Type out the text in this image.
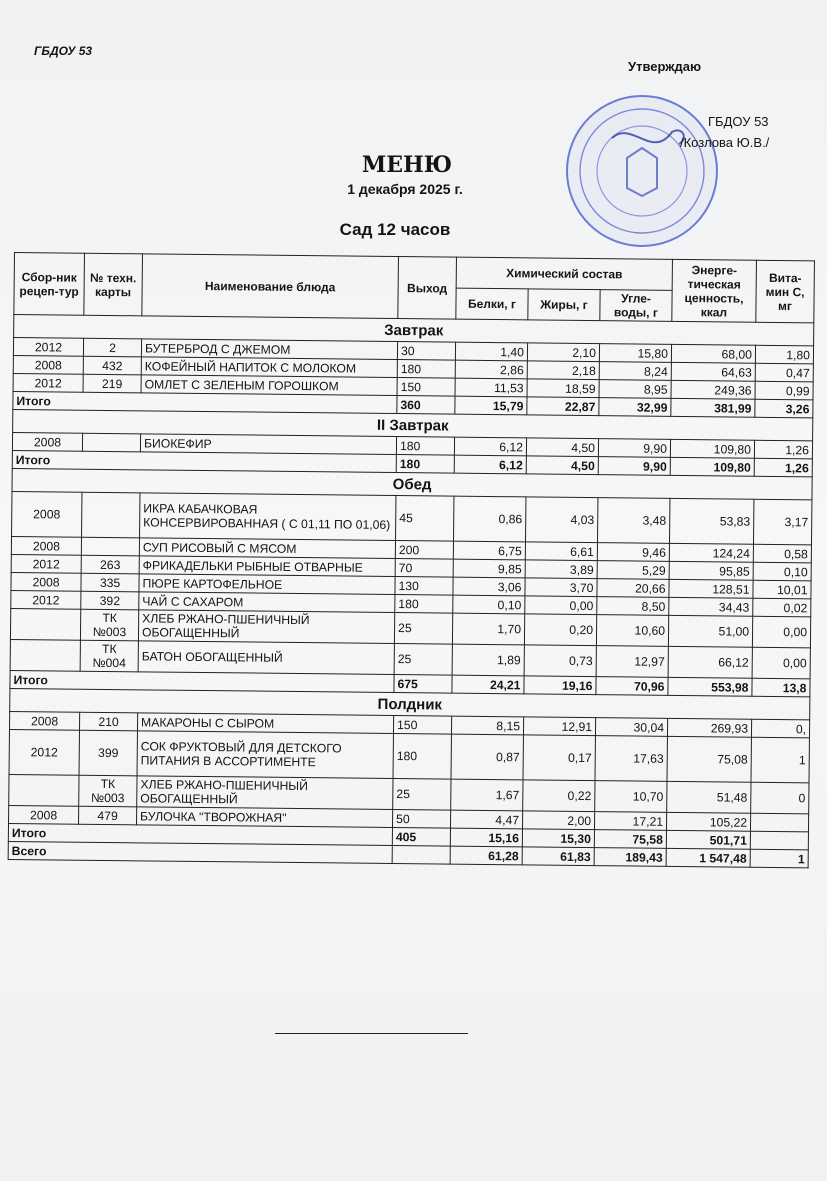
ГБДОУ 53
Утверждаю
ГБДОУ 53
/Козлова Ю.В./
МЕНЮ
1 декабря 2025 г.
Сад 12 часов
Сбор-ник рецеп-тур	№ техн. карты	Наименование блюда	Выход	Химический состав			Энерге-тическая ценность, ккал	Вита-мин С, мг
				Белки, г	Жиры, г	Угле-воды, г		
Завтрак								
2012	2	БУТЕРБРОД С ДЖЕМОМ	30	1,40	2,10	15,80	68,00	1,80
2008	432	КОФЕЙНЫЙ НАПИТОК С МОЛОКОМ	180	2,86	2,18	8,24	64,63	0,47
2012	219	ОМЛЕТ С ЗЕЛЕНЫМ ГОРОШКОМ	150	11,53	18,59	8,95	249,36	0,99
Итого			360	15,79	22,87	32,99	381,99	3,26
II Завтрак								
2008		БИОКЕФИР	180	6,12	4,50	9,90	109,80	1,26
Итого			180	6,12	4,50	9,90	109,80	1,26
Обед								
2008		ИКРА КАБАЧКОВАЯ КОНСЕРВИРОВАННАЯ ( С 01,11 ПО 01,06)	45	0,86	4,03	3,48	53,83	3,17
2008		СУП РИСОВЫЙ С МЯСОМ	200	6,75	6,61	9,46	124,24	0,58
2012	263	ФРИКАДЕЛЬКИ РЫБНЫЕ ОТВАРНЫЕ	70	9,85	3,89	5,29	95,85	0,10
2008	335	ПЮРЕ КАРТОФЕЛЬНОЕ	130	3,06	3,70	20,66	128,51	10,01
2012	392	ЧАЙ С САХАРОМ	180	0,10	0,00	8,50	34,43	0,02
	ТК №003	ХЛЕБ РЖАНО-ПШЕНИЧНЫЙ ОБОГАЩЕННЫЙ	25	1,70	0,20	10,60	51,00	0,00
	ТК №004	БАТОН ОБОГАЩЕННЫЙ	25	1,89	0,73	12,97	66,12	0,00
Итого			675	24,21	19,16	70,96	553,98	13,8
Полдник								
2008	210	МАКАРОНЫ С СЫРОМ	150	8,15	12,91	30,04	269,93	0,
2012	399	СОК ФРУКТОВЫЙ ДЛЯ ДЕТСКОГО ПИТАНИЯ В АССОРТИМЕНТЕ	180	0,87	0,17	17,63	75,08	1
	ТК №003	ХЛЕБ РЖАНО-ПШЕНИЧНЫЙ ОБОГАЩЕННЫЙ	25	1,67	0,22	10,70	51,48	0
2008	479	БУЛОЧКА "ТВОРОЖНАЯ"	50	4,47	2,00	17,21	105,22	
Итого			405	15,16	15,30	75,58	501,71	
Всего				61,28	61,83	189,43	1 547,48	1
